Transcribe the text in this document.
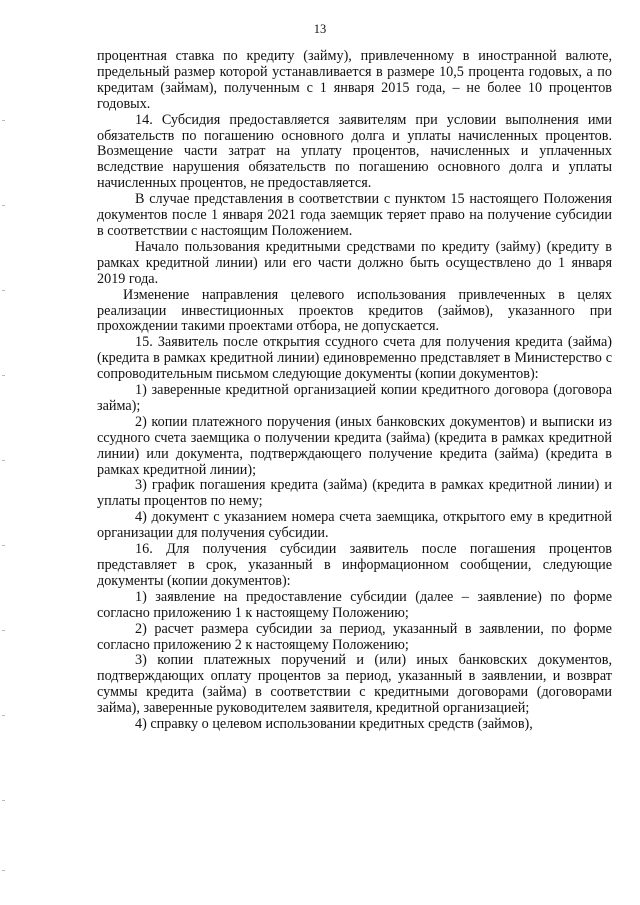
13

процентная ставка по кредиту (займу), привлеченному в иностранной валюте, предельный размер которой устанавливается в размере 10,5 процента годовых, а по кредитам (займам), полученным с 1 января 2015 года, – не более 10 процентов годовых.

14. Субсидия предоставляется заявителям при условии выполнения ими обязательств по погашению основного долга и уплаты начисленных процентов. Возмещение части затрат на уплату процентов, начисленных и уплаченных вследствие нарушения обязательств по погашению основного долга и уплаты начисленных процентов, не предоставляется.

В случае представления в соответствии с пунктом 15 настоящего Положения документов после 1 января 2021 года заемщик теряет право на получение субсидии в соответствии с настоящим Положением.

Начало пользования кредитными средствами по кредиту (займу) (кредиту в рамках кредитной линии) или его части должно быть осуществлено до 1 января 2019 года.

Изменение направления целевого использования привлеченных в целях реализации инвестиционных проектов кредитов (займов), указанного при прохождении такими проектами отбора, не допускается.

15. Заявитель после открытия ссудного счета для получения кредита (займа) (кредита в рамках кредитной линии) единовременно представляет в Министерство с сопроводительным письмом следующие документы (копии документов):

1) заверенные кредитной организацией копии кредитного договора (договора займа);

2) копии платежного поручения (иных банковских документов) и выписки из ссудного счета заемщика о получении кредита (займа) (кредита в рамках кредитной линии) или документа, подтверждающего получение кредита (займа) (кредита в рамках кредитной линии);

3) график погашения кредита (займа) (кредита в рамках кредитной линии) и уплаты процентов по нему;

4) документ с указанием номера счета заемщика, открытого ему в кредитной организации для получения субсидии.

16. Для получения субсидии заявитель после погашения процентов представляет в срок, указанный в информационном сообщении, следующие документы (копии документов):

1) заявление на предоставление субсидии (далее – заявление) по форме согласно приложению 1 к настоящему Положению;

2) расчет размера субсидии за период, указанный в заявлении, по форме согласно приложению 2 к настоящему Положению;

3) копии платежных поручений и (или) иных банковских документов, подтверждающих оплату процентов за период, указанный в заявлении, и возврат суммы кредита (займа) в соответствии с кредитными договорами (договорами займа), заверенные руководителем заявителя, кредитной организацией;

4) справку о целевом использовании кредитных средств (займов),
